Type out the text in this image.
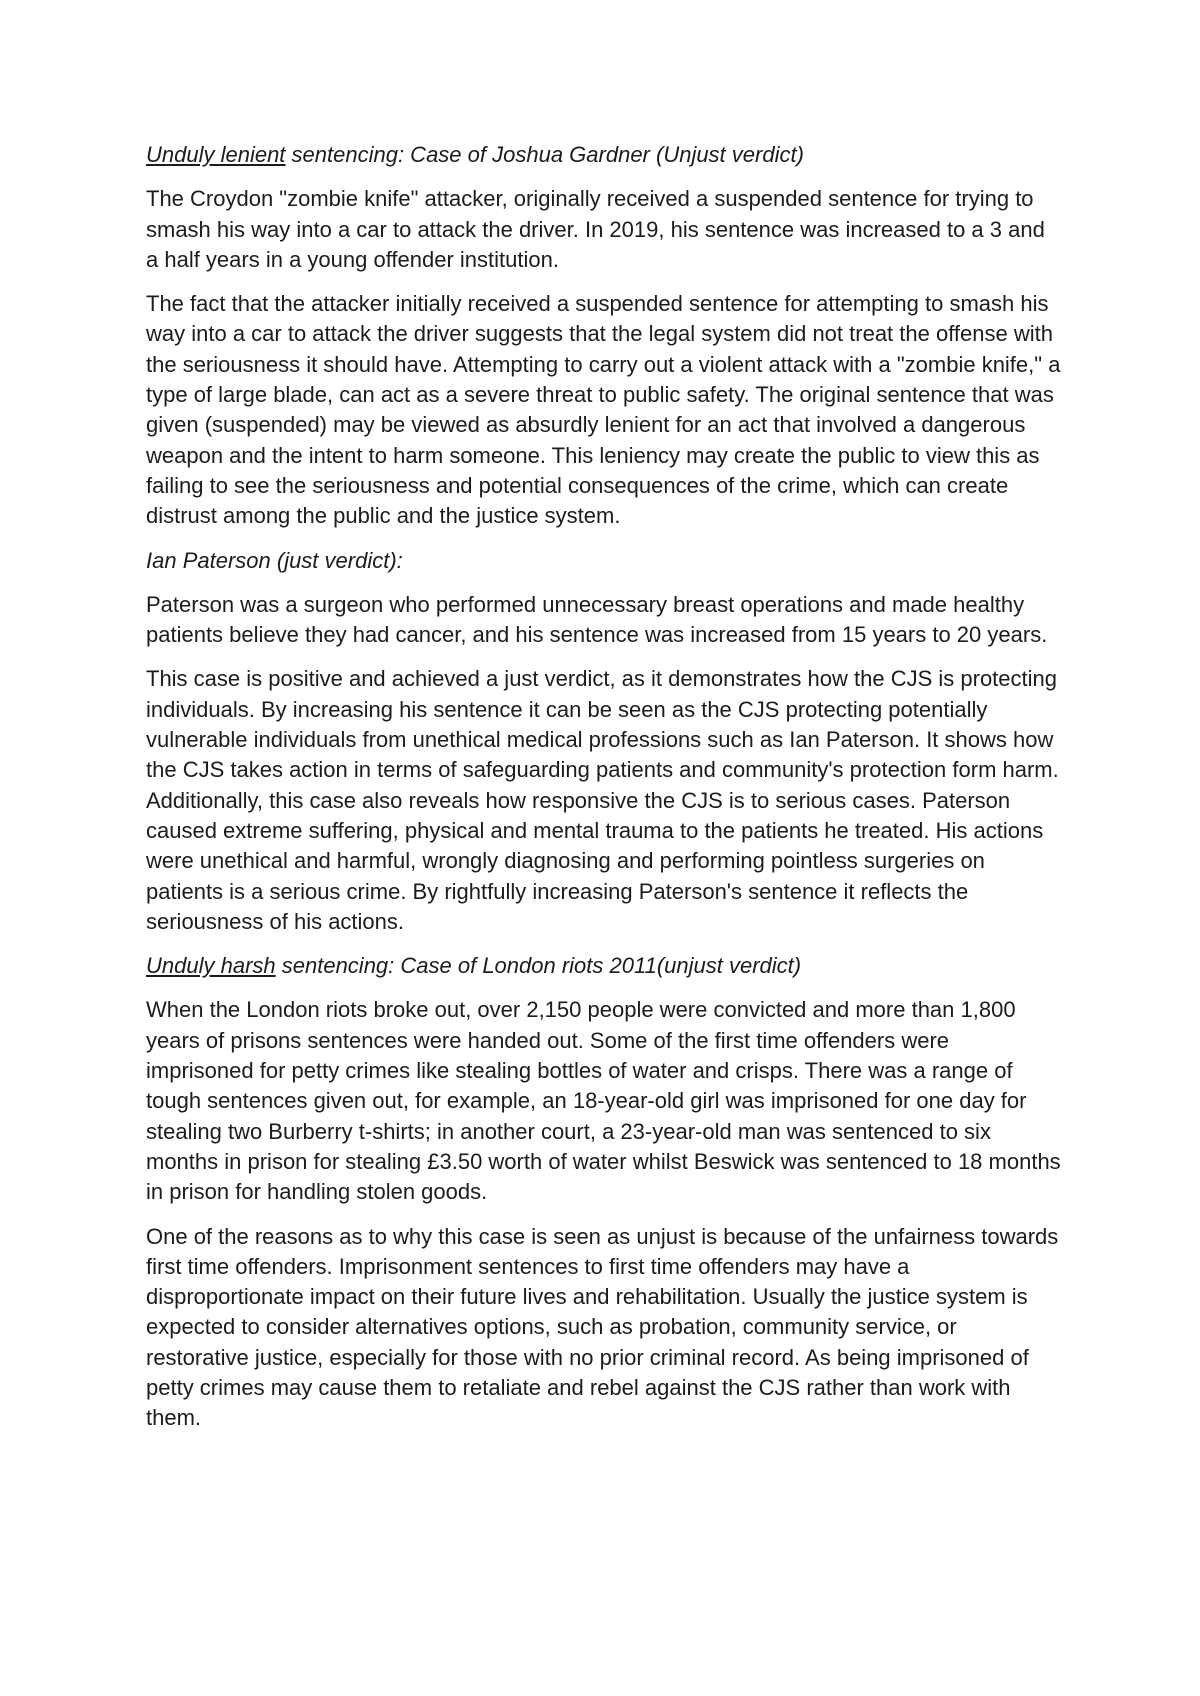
Unduly lenient sentencing: Case of Joshua Gardner (Unjust verdict)

The Croydon "zombie knife" attacker, originally received a suspended sentence for trying to smash his way into a car to attack the driver. In 2019, his sentence was increased to a 3 and a half years in a young offender institution.

The fact that the attacker initially received a suspended sentence for attempting to smash his way into a car to attack the driver suggests that the legal system did not treat the offense with the seriousness it should have. Attempting to carry out a violent attack with a "zombie knife," a type of large blade, can act as a severe threat to public safety. The original sentence that was given (suspended) may be viewed as absurdly lenient for an act that involved a dangerous weapon and the intent to harm someone. This leniency may create the public to view this as failing to see the seriousness and potential consequences of the crime, which can create distrust among the public and the justice system.

Ian Paterson (just verdict):

Paterson was a surgeon who performed unnecessary breast operations and made healthy patients believe they had cancer, and his sentence was increased from 15 years to 20 years.

This case is positive and achieved a just verdict, as it demonstrates how the CJS is protecting individuals. By increasing his sentence it can be seen as the CJS protecting potentially vulnerable individuals from unethical medical professions such as Ian Paterson. It shows how the CJS takes action in terms of safeguarding patients and community's protection form harm. Additionally, this case also reveals how responsive the CJS is to serious cases. Paterson caused extreme suffering, physical and mental trauma to the patients he treated. His actions were unethical and harmful, wrongly diagnosing and performing pointless surgeries on patients is a serious crime. By rightfully increasing Paterson's sentence it reflects the seriousness of his actions.

Unduly harsh sentencing: Case of London riots 2011(unjust verdict)

When the London riots broke out, over 2,150 people were convicted and more than 1,800 years of prisons sentences were handed out. Some of the first time offenders were imprisoned for petty crimes like stealing bottles of water and crisps. There was a range of tough sentences given out, for example, an 18-year-old girl was imprisoned for one day for stealing two Burberry t-shirts; in another court, a 23-year-old man was sentenced to six months in prison for stealing £3.50 worth of water whilst Beswick was sentenced to 18 months in prison for handling stolen goods.

One of the reasons as to why this case is seen as unjust is because of the unfairness towards first time offenders. Imprisonment sentences to first time offenders may have a disproportionate impact on their future lives and rehabilitation. Usually the justice system is expected to consider alternatives options, such as probation, community service, or restorative justice, especially for those with no prior criminal record. As being imprisoned of petty crimes may cause them to retaliate and rebel against the CJS rather than work with them.
